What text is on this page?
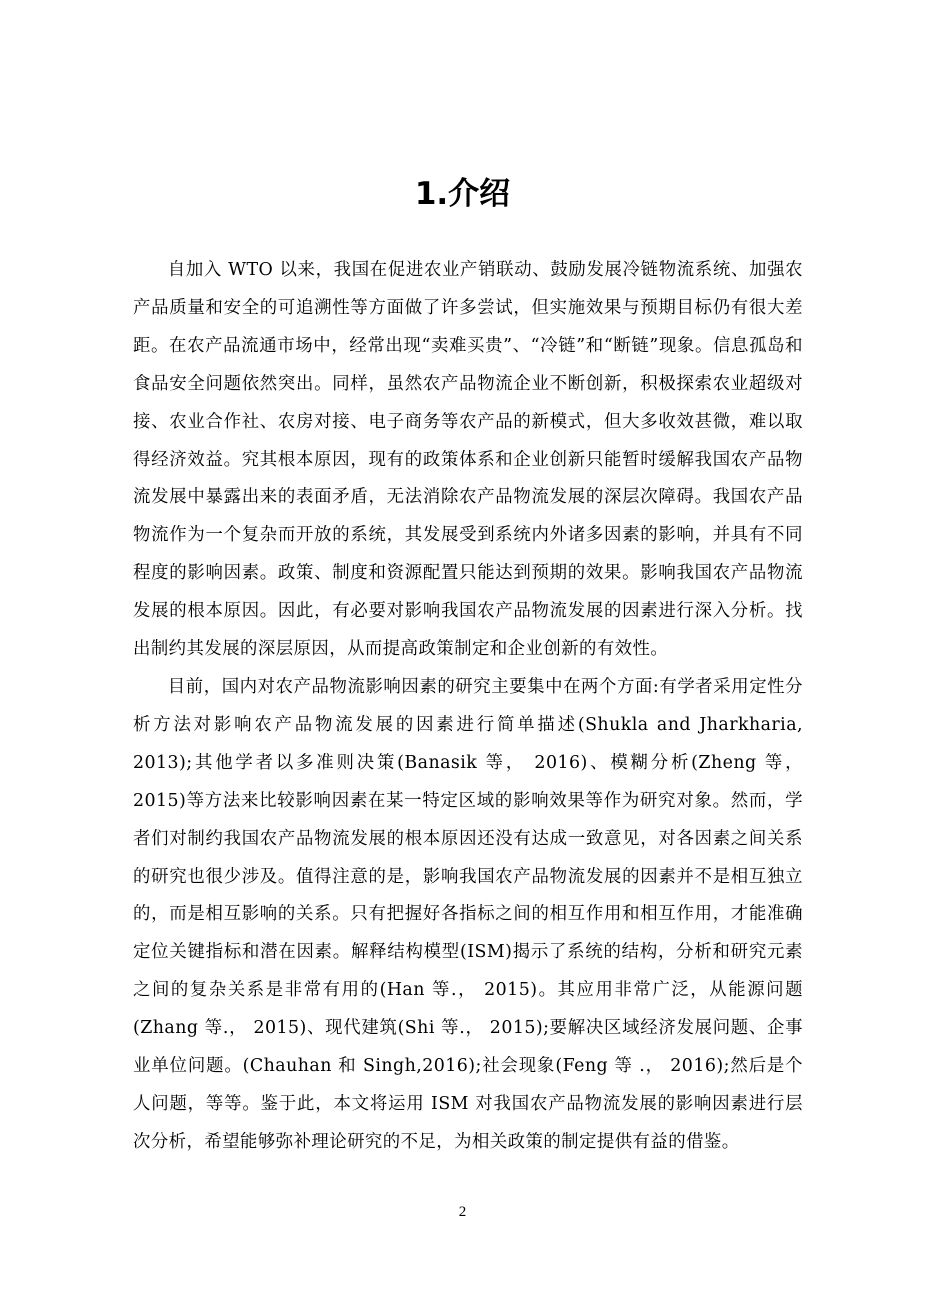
1.介绍

自加入 WTO 以来，我国在促进农业产销联动、鼓励发展冷链物流系统、加强农产品质量和安全的可追溯性等方面做了许多尝试，但实施效果与预期目标仍有很大差距。在农产品流通市场中，经常出现“卖难买贵”、“冷链”和“断链”现象。信息孤岛和食品安全问题依然突出。同样，虽然农产品物流企业不断创新，积极探索农业超级对接、农业合作社、农房对接、电子商务等农产品的新模式，但大多收效甚微，难以取得经济效益。究其根本原因，现有的政策体系和企业创新只能暂时缓解我国农产品物流发展中暴露出来的表面矛盾，无法消除农产品物流发展的深层次障碍。我国农产品物流作为一个复杂而开放的系统，其发展受到系统内外诸多因素的影响，并具有不同程度的影响因素。政策、制度和资源配置只能达到预期的效果。影响我国农产品物流发展的根本原因。因此，有必要对影响我国农产品物流发展的因素进行深入分析。找出制约其发展的深层原因，从而提高政策制定和企业创新的有效性。

目前，国内对农产品物流影响因素的研究主要集中在两个方面:有学者采用定性分析方法对影响农产品物流发展的因素进行简单描述(Shukla and Jharkharia, 2013);其他学者以多准则决策(Banasik 等， 2016)、模糊分析(Zheng 等， 2015)等方法来比较影响因素在某一特定区域的影响效果等作为研究对象。然而，学者们对制约我国农产品物流发展的根本原因还没有达成一致意见，对各因素之间关系的研究也很少涉及。值得注意的是，影响我国农产品物流发展的因素并不是相互独立的，而是相互影响的关系。只有把握好各指标之间的相互作用和相互作用，才能准确定位关键指标和潜在因素。解释结构模型(ISM)揭示了系统的结构，分析和研究元素之间的复杂关系是非常有用的(Han 等.， 2015)。其应用非常广泛，从能源问题(Zhang 等.， 2015)、现代建筑(Shi 等.， 2015);要解决区域经济发展问题、企事业单位问题。(Chauhan 和 Singh,2016);社会现象(Feng 等 .， 2016);然后是个人问题，等等。鉴于此，本文将运用 ISM 对我国农产品物流发展的影响因素进行层次分析，希望能够弥补理论研究的不足，为相关政策的制定提供有益的借鉴。

2
